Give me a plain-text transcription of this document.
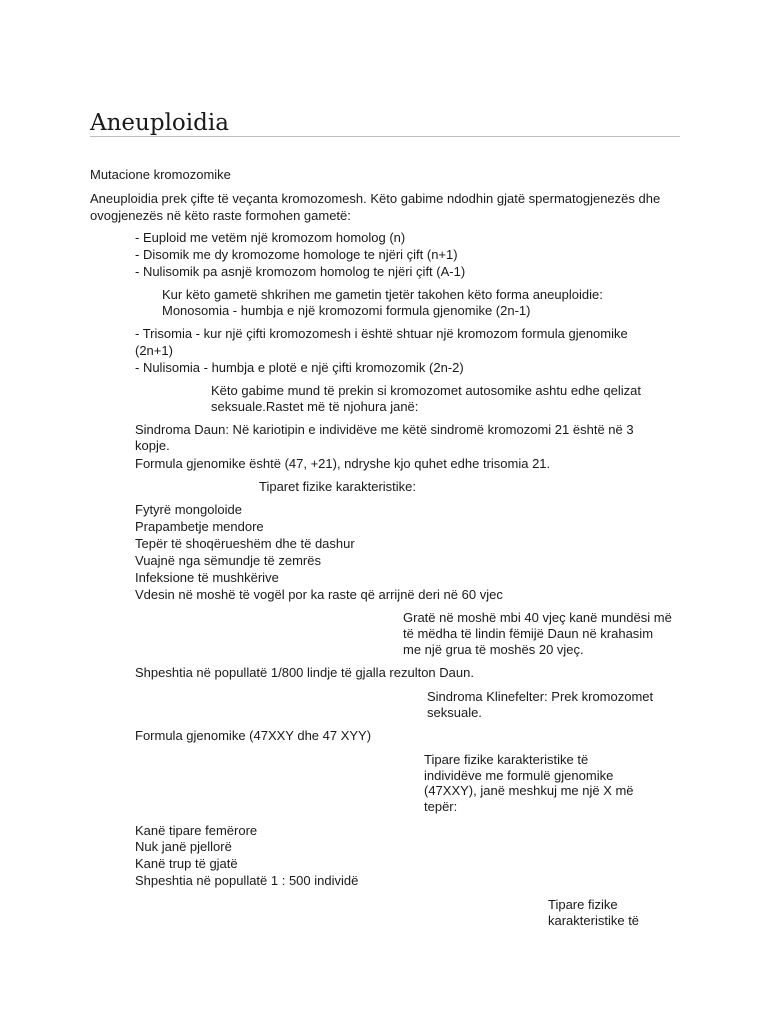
Aneuploidia
Mutacione kromozomike
Aneuploidia prek çifte të veçanta kromozomesh. Këto gabime ndodhin gjatë spermatogjenezës dhe
ovogjenezës në këto raste formohen gametë:
- Euploid me vetëm një kromozom homolog (n)
- Disomik me dy kromozome homologe te njëri çift (n+1)
- Nulisomik pa asnjë kromozom homolog te njëri çift (A-1)
Kur këto gametë shkrihen me gametin tjetër takohen këto forma aneuploidie:
Monosomia - humbja e një kromozomi formula gjenomike (2n-1)
- Trisomia - kur një çifti kromozomesh i është shtuar një kromozom formula gjenomike
(2n+1)
- Nulisomia - humbja e plotë e një çifti kromozomik (2n-2)
Këto gabime mund të prekin si kromozomet autosomike ashtu edhe qelizat
seksuale.Rastet më të njohura janë:
Sindroma Daun: Në kariotipin e individëve me këtë sindromë kromozomi 21 është në 3
kopje.
Formula gjenomike është (47, +21), ndryshe kjo quhet edhe trisomia 21.
Tiparet fizike karakteristike:
Fytyrë mongoloide
Prapambetje mendore
Tepër të shoqërueshëm dhe të dashur
Vuajnë nga sëmundje të zemrës
Infeksione të mushkërive
Vdesin në moshë të vogël por ka raste që arrijnë deri në 60 vjec
Gratë në moshë mbi 40 vjeç kanë mundësi më
të mëdha të lindin fëmijë Daun në krahasim
me një grua të moshës 20 vjeç.
Shpeshtia në popullatë 1/800 lindje të gjalla rezulton Daun.
Sindroma Klinefelter: Prek kromozomet
seksuale.
Formula gjenomike (47XXY dhe 47 XYY)
Tipare fizike karakteristike të
individëve me formulë gjenomike
(47XXY), janë meshkuj me një X më
tepër:
Kanë tipare femërore
Nuk janë pjellorë
Kanë trup të gjatë
Shpeshtia në popullatë 1 : 500 individë
Tipare fizike
karakteristike të
